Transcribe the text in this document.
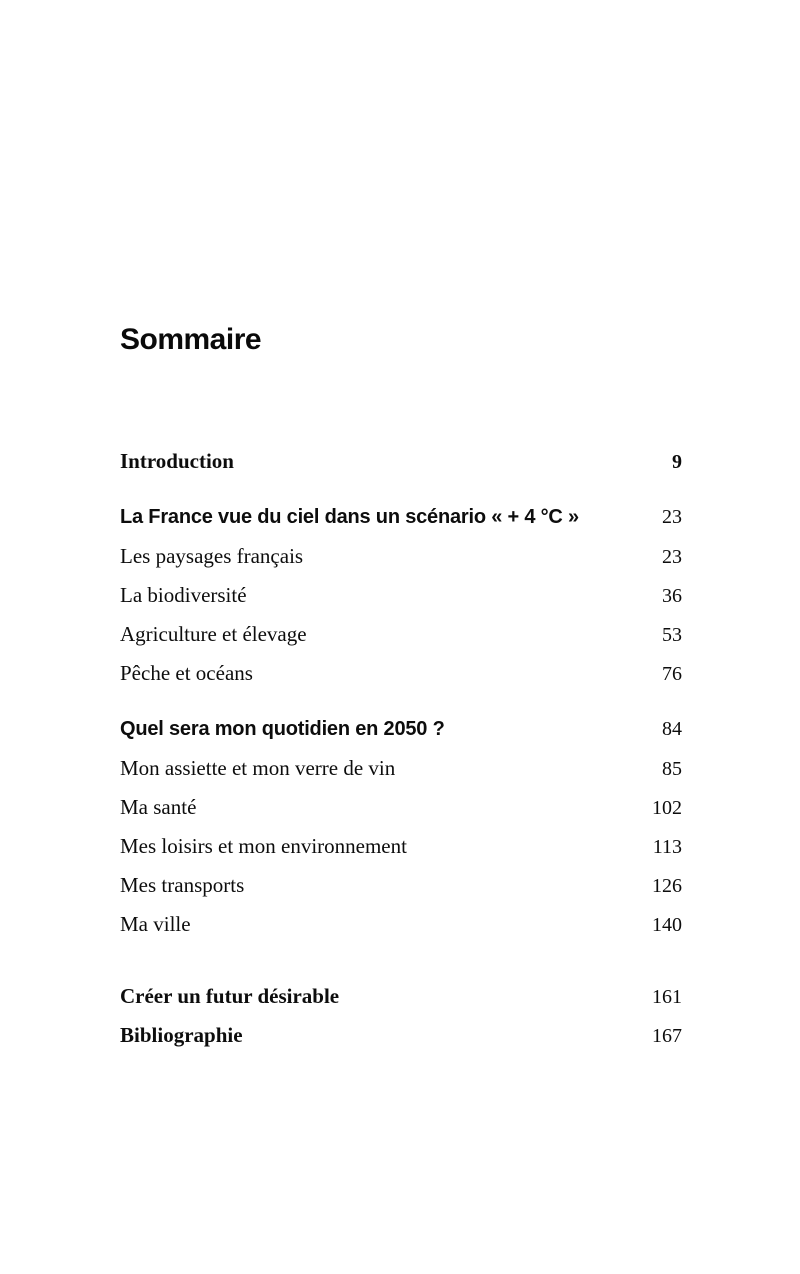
Sommaire
Introduction	9
La France vue du ciel dans un scénario « + 4 °C »	23
Les paysages français	23
La biodiversité	36
Agriculture et élevage	53
Pêche et océans	76
Quel sera mon quotidien en 2050 ?	84
Mon assiette et mon verre de vin	85
Ma santé	102
Mes loisirs et mon environnement	113
Mes transports	126
Ma ville	140
Créer un futur désirable	161
Bibliographie	167
